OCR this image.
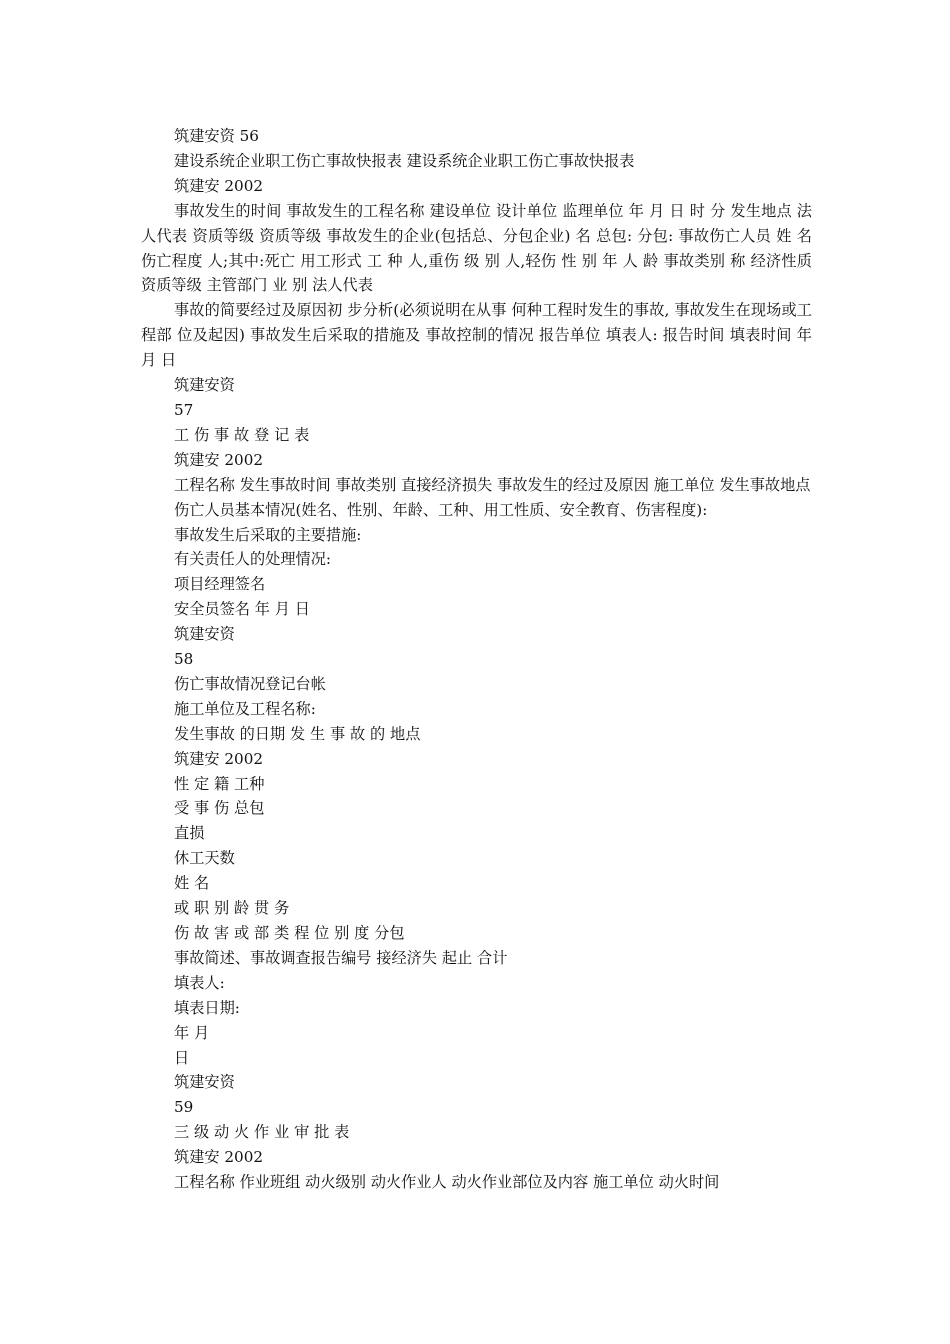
筑建安资 56

建设系统企业职工伤亡事故快报表 建设系统企业职工伤亡事故快报表

筑建安 2002

事故发生的时间 事故发生的工程名称 建设单位 设计单位 监理单位 年 月 日 时 分 发生地点 法人代表 资质等级 资质等级 事故发生的企业(包括总、分包企业) 名 总包: 分包: 事故伤亡人员 姓 名 伤亡程度 人;其中:死亡 用工形式 工 种 人,重伤 级 别 人,轻伤 性 别 年 人 龄 事故类别 称 经济性质 资质等级 主管部门 业 别 法人代表

事故的简要经过及原因初 步分析(必须说明在从事 何种工程时发生的事故, 事故发生在现场或工程部 位及起因) 事故发生后采取的措施及 事故控制的情况 报告单位 填表人: 报告时间 填表时间 年 月 日

筑建安资

57

工 伤 事 故 登 记 表

筑建安 2002

工程名称 发生事故时间 事故类别 直接经济损失 事故发生的经过及原因 施工单位 发生事故地点

伤亡人员基本情况(姓名、性别、年龄、工种、用工性质、安全教育、伤害程度):

事故发生后采取的主要措施:

有关责任人的处理情况:

项目经理签名

安全员签名 年 月 日

筑建安资

58

伤亡事故情况登记台帐

施工单位及工程名称:

发生事故 的日期 发 生 事 故 的 地点

筑建安 2002

性 定 籍 工种

受 事 伤 总包

直损

休工天数

姓 名

或 职 别 龄 贯 务

伤 故 害 或 部 类 程 位 别 度 分包

事故简述、事故调查报告编号 接经济失 起止 合计

填表人:

填表日期:

年 月

日

筑建安资

59

三 级 动 火 作 业 审 批 表

筑建安 2002

工程名称 作业班组 动火级别 动火作业人 动火作业部位及内容 施工单位 动火时间
